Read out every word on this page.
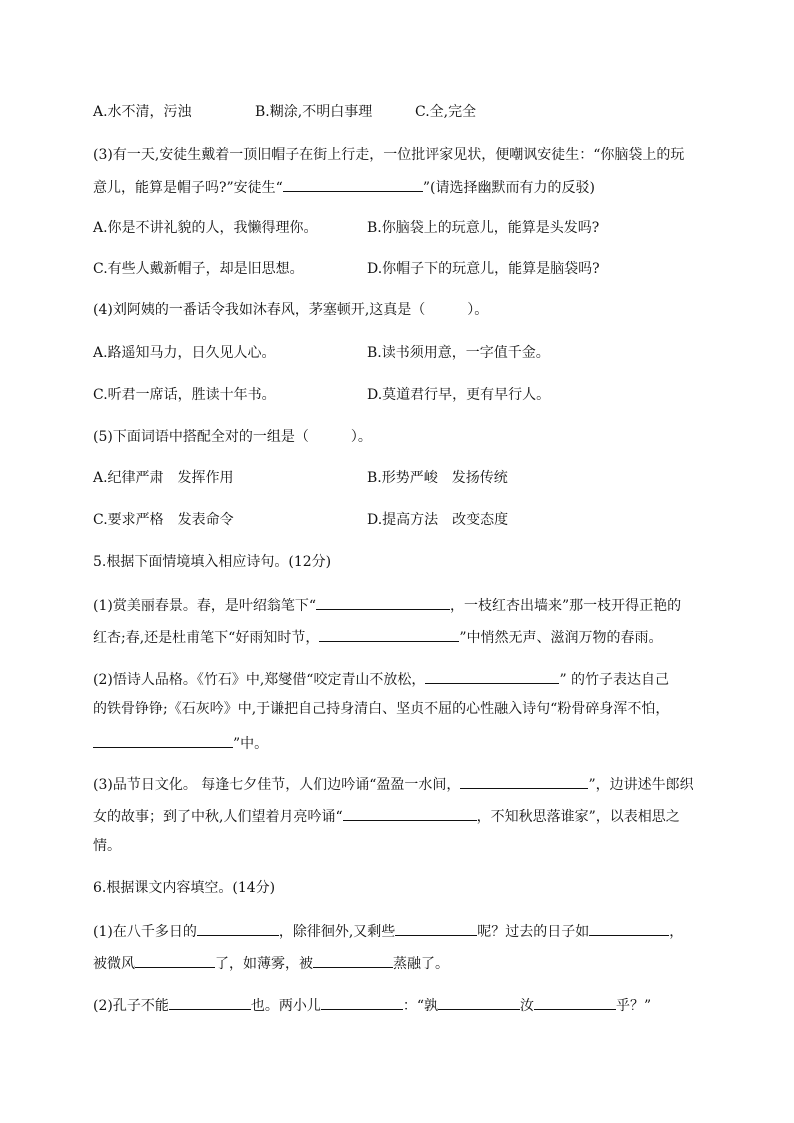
A.水不清，污浊	B.糊涂,不明白事理	C.全,完全
(3)有一天,安徒生戴着一顶旧帽子在街上行走，一位批评家见状，便嘲讽安徒生：“你脑袋上的玩
意儿，能算是帽子吗?”安徒生“	”(请选择幽默而有力的反驳)
A.你是不讲礼貌的人，我懒得理你。	B.你脑袋上的玩意儿，能算是头发吗?
C.有些人戴新帽子，却是旧思想。	D.你帽子下的玩意儿，能算是脑袋吗?
(4)刘阿姨的一番话令我如沐春风，茅塞顿开,这真是（　　　）。
A.路遥知马力，日久见人心。	B.读书须用意，一字值千金。
C.听君一席话，胜读十年书。	D.莫道君行早，更有早行人。
(5)下面词语中搭配全对的一组是（　　　）。
A.纪律严肃　发挥作用	B.形势严峻　发扬传统
C.要求严格　发表命令	D.提高方法　改变态度
5.根据下面情境填入相应诗句。(12分)
(1)赏美丽春景。春，是叶绍翁笔下“	，一枝红杏出墙来”那一枝开得正艳的
红杏;春,还是杜甫笔下“好雨知时节，	”中悄然无声、滋润万物的春雨。
(2)悟诗人品格。《竹石》中,郑燮借“咬定青山不放松，	” 的竹子表达自己
的铁骨铮铮;《石灰吟》中,于谦把自己持身清白、坚贞不屈的心性融入诗句“粉骨碎身浑不怕，
”中。
(3)品节日文化。 每逢七夕佳节，人们边吟诵“盈盈一水间，	”，边讲述牛郎织
女的故事；到了中秋,人们望着月亮吟诵“	，不知秋思落谁家”，以表相思之
情。
6.根据课文内容填空。(14分)
(1)在八千多日的	，除徘徊外,又剩些	呢？过去的日子如	，
被微风	了，如薄雾，被	蒸融了。
(2)孔子不能	也。两小儿	：“孰	汝	乎？”
